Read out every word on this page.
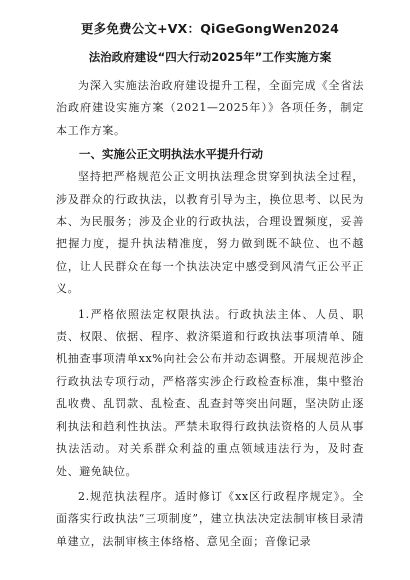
更多免费公文+VX：QiGeGongWen2024
法治政府建设“四大行动2025年”工作实施方案

为深入实施法治政府建设提升工程，全面完成《全省法治政府建设实施方案（2021—2025年）》各项任务，制定本工作方案。

一、实施公正文明执法水平提升行动

坚持把严格规范公正文明执法理念贯穿到执法全过程，涉及群众的行政执法，以教育引导为主，换位思考、以民为本、为民服务；涉及企业的行政执法，合理设置频度，妥善把握力度，提升执法精准度，努力做到既不缺位、也不越位，让人民群众在每一个执法决定中感受到风清气正公平正义。

1.严格依照法定权限执法。行政执法主体、人员、职责、权限、依据、程序、救济渠道和行政执法事项清单、随机抽查事项清单xx%向社会公布并动态调整。开展规范涉企行政执法专项行动，严格落实涉企行政检查标准，集中整治乱收费、乱罚款、乱检查、乱查封等突出问题，坚决防止逐利执法和趋利性执法。严禁未取得行政执法资格的人员从事执法活动。对关系群众利益的重点领域违法行为，及时查处、避免缺位。

2.规范执法程序。适时修订《xx区行政程序规定》。全面落实行政执法“三项制度”，建立执法决定法制审核目录清单建立，法制审核主体络格、意见全面；音像记录
